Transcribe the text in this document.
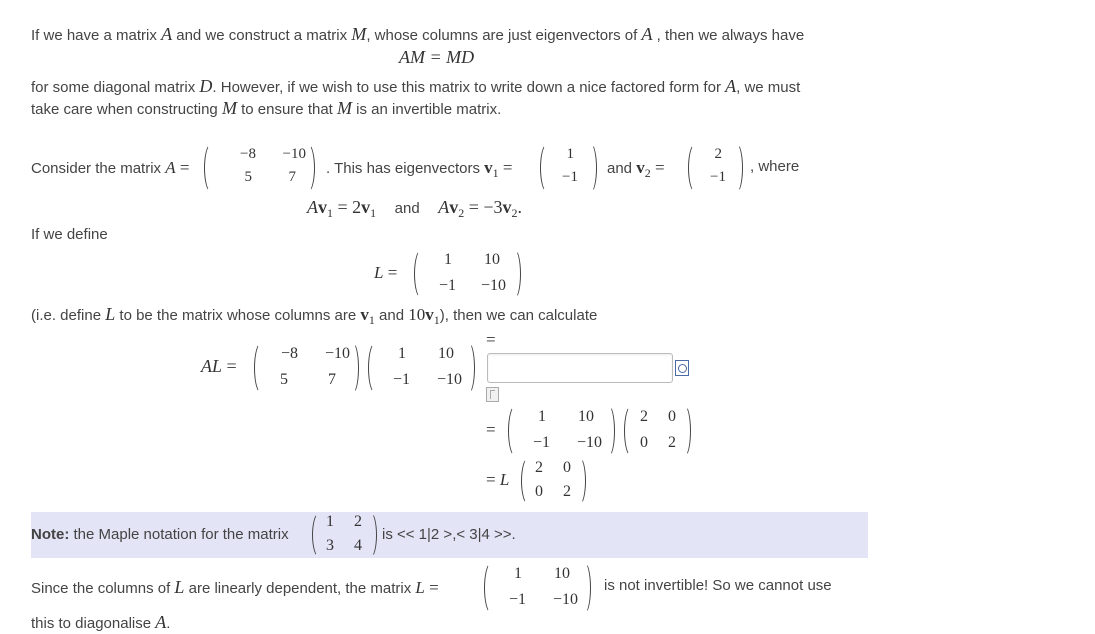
If we have a matrix A and we construct a matrix M, whose columns are just eigenvectors of A , then we always have
AM = MD
for some diagonal matrix D. However, if we wish to use this matrix to write down a nice factored form for A, we must
take care when constructing M to ensure that M is an invertible matrix.
Consider the matrix A =
−8	−10
5	7 . This has eigenvectors $v_1$ =
1
−1 and $v_2$ =
2
−1
, where
$Av_1 = 2v_1$ and $Av_2 = -3v_2$.
If we define
L =
1	10
−1	−10
(i.e. define L to be the matrix whose columns are $v_1$ and $10v_1$), then we can calculate
AL =
−8	−10
5	7
1	10
−1	−10
=
=
1	10
−1	−10
2	0
0	2
= L
2	0
0	2
Note: the Maple notation for the matrix
1	2
3	4
is << 1|2 >,< 3|4 >>.
Since the columns of L are linearly dependent, the matrix L =
1	10
−1	−10
is not invertible! So we cannot use
this to diagonalise A.
